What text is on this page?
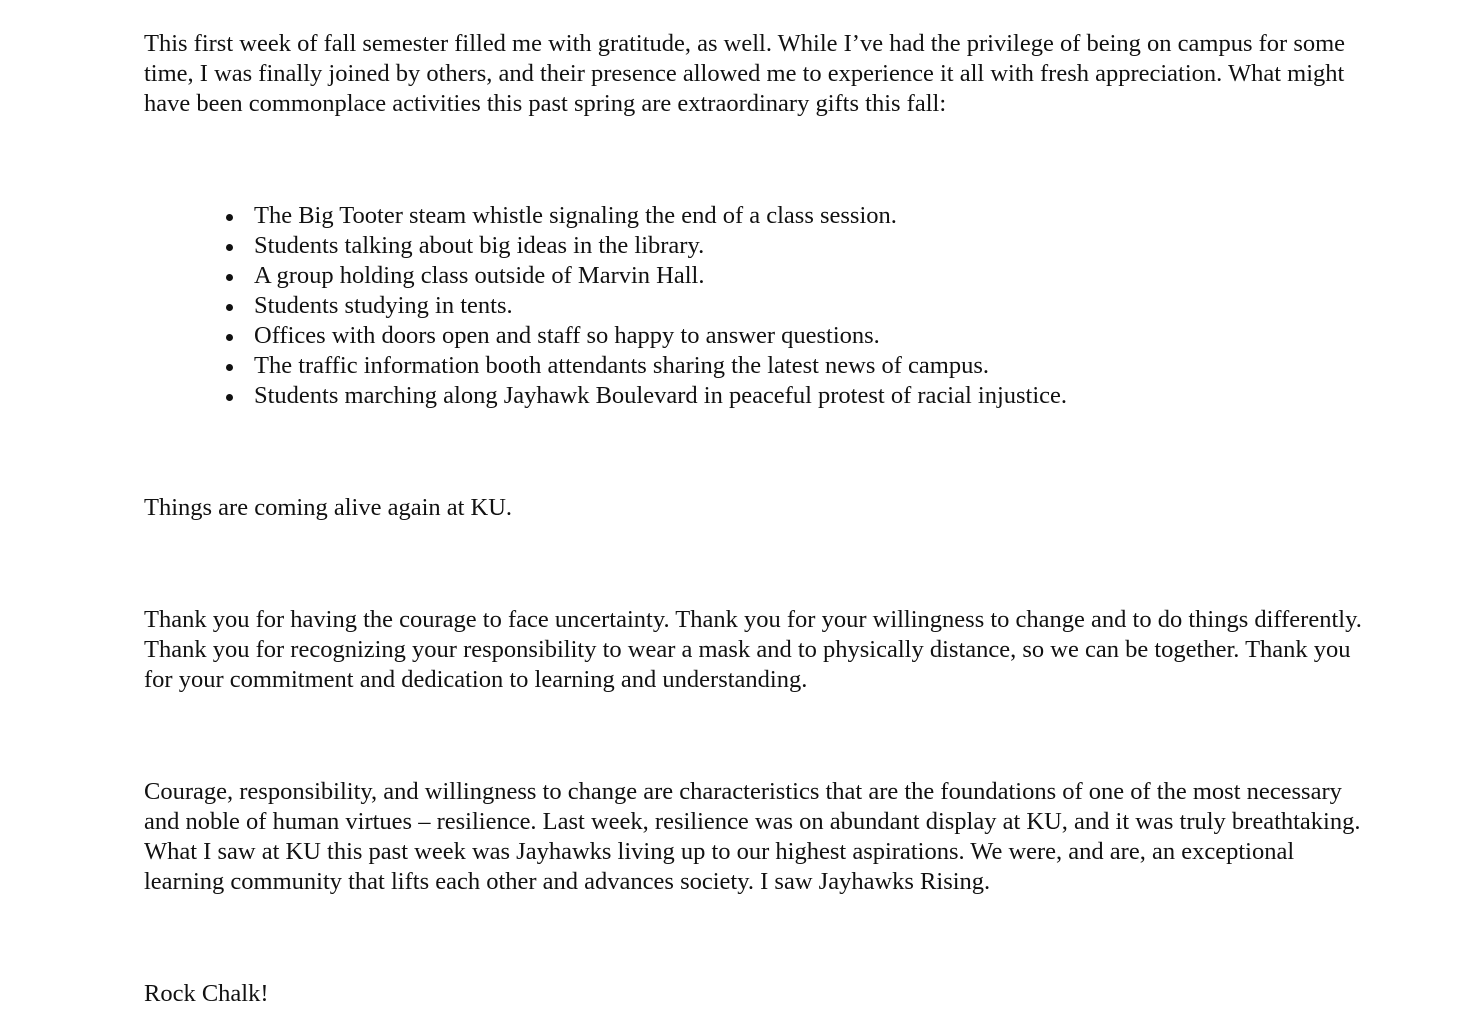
This first week of fall semester filled me with gratitude, as well. While I’ve had the privilege of being on campus for some time, I was finally joined by others, and their presence allowed me to experience it all with fresh appreciation. What might have been commonplace activities this past spring are extraordinary gifts this fall:

The Big Tooter steam whistle signaling the end of a class session.
Students talking about big ideas in the library.
A group holding class outside of Marvin Hall.
Students studying in tents.
Offices with doors open and staff so happy to answer questions.
The traffic information booth attendants sharing the latest news of campus.
Students marching along Jayhawk Boulevard in peaceful protest of racial injustice.

Things are coming alive again at KU.

Thank you for having the courage to face uncertainty. Thank you for your willingness to change and to do things differently. Thank you for recognizing your responsibility to wear a mask and to physically distance, so we can be together. Thank you for your commitment and dedication to learning and understanding.

Courage, responsibility, and willingness to change are characteristics that are the foundations of one of the most necessary and noble of human virtues – resilience. Last week, resilience was on abundant display at KU, and it was truly breathtaking. What I saw at KU this past week was Jayhawks living up to our highest aspirations. We were, and are, an exceptional learning community that lifts each other and advances society. I saw Jayhawks Rising.

Rock Chalk!
